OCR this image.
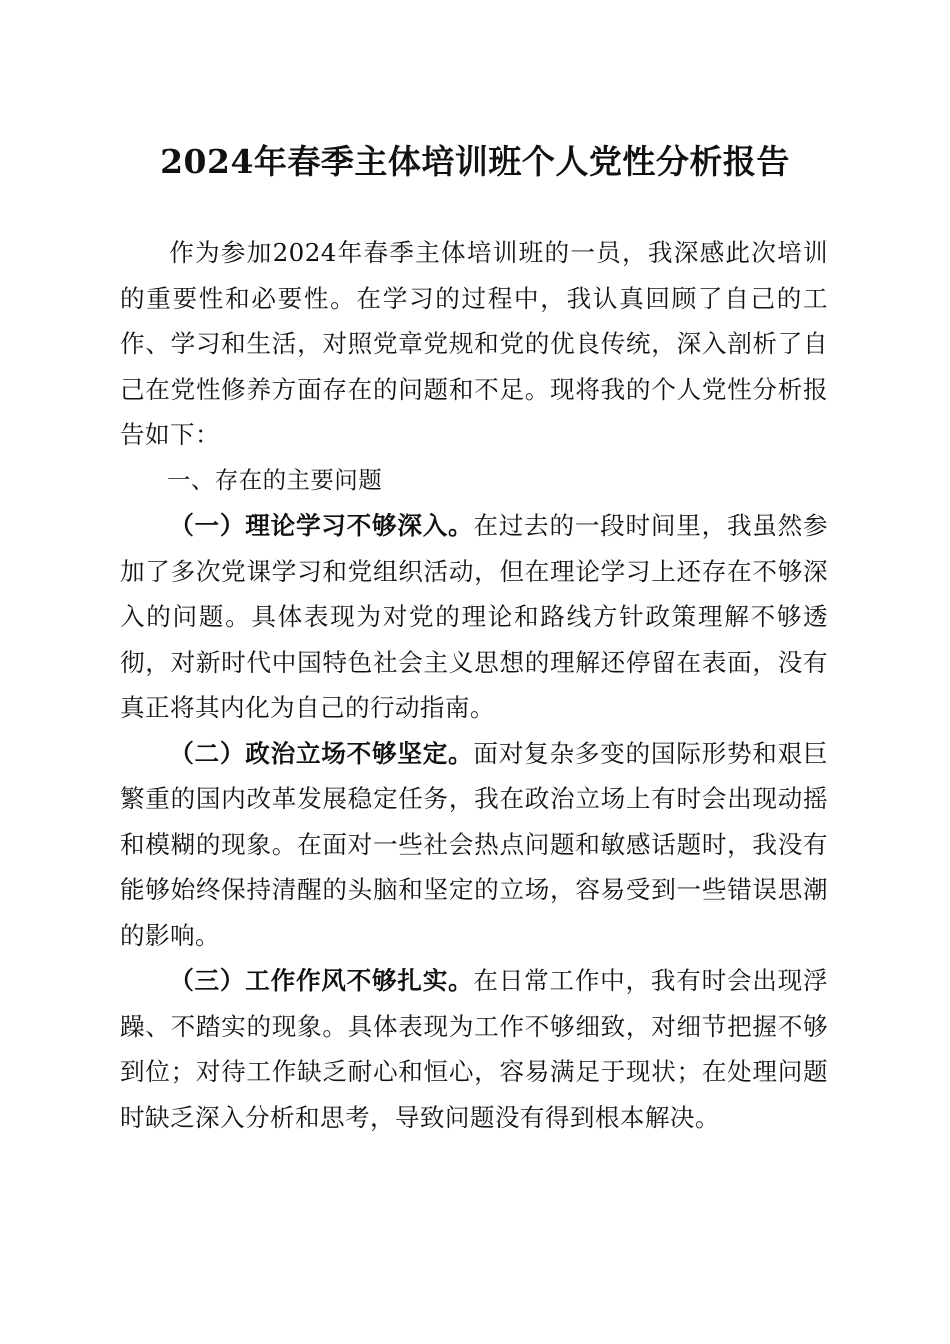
2024年春季主体培训班个人党性分析报告

作为参加2024年春季主体培训班的一员，我深感此次培训的重要性和必要性。在学习的过程中，我认真回顾了自己的工作、学习和生活，对照党章党规和党的优良传统，深入剖析了自己在党性修养方面存在的问题和不足。现将我的个人党性分析报告如下：

一、存在的主要问题

（一）理论学习不够深入。在过去的一段时间里，我虽然参加了多次党课学习和党组织活动，但在理论学习上还存在不够深入的问题。具体表现为对党的理论和路线方针政策理解不够透彻，对新时代中国特色社会主义思想的理解还停留在表面，没有真正将其内化为自己的行动指南。

（二）政治立场不够坚定。面对复杂多变的国际形势和艰巨繁重的国内改革发展稳定任务，我在政治立场上有时会出现动摇和模糊的现象。在面对一些社会热点问题和敏感话题时，我没有能够始终保持清醒的头脑和坚定的立场，容易受到一些错误思潮的影响。

（三）工作作风不够扎实。在日常工作中，我有时会出现浮躁、不踏实的现象。具体表现为工作不够细致，对细节把握不够到位；对待工作缺乏耐心和恒心，容易满足于现状；在处理问题时缺乏深入分析和思考，导致问题没有得到根本解决。
